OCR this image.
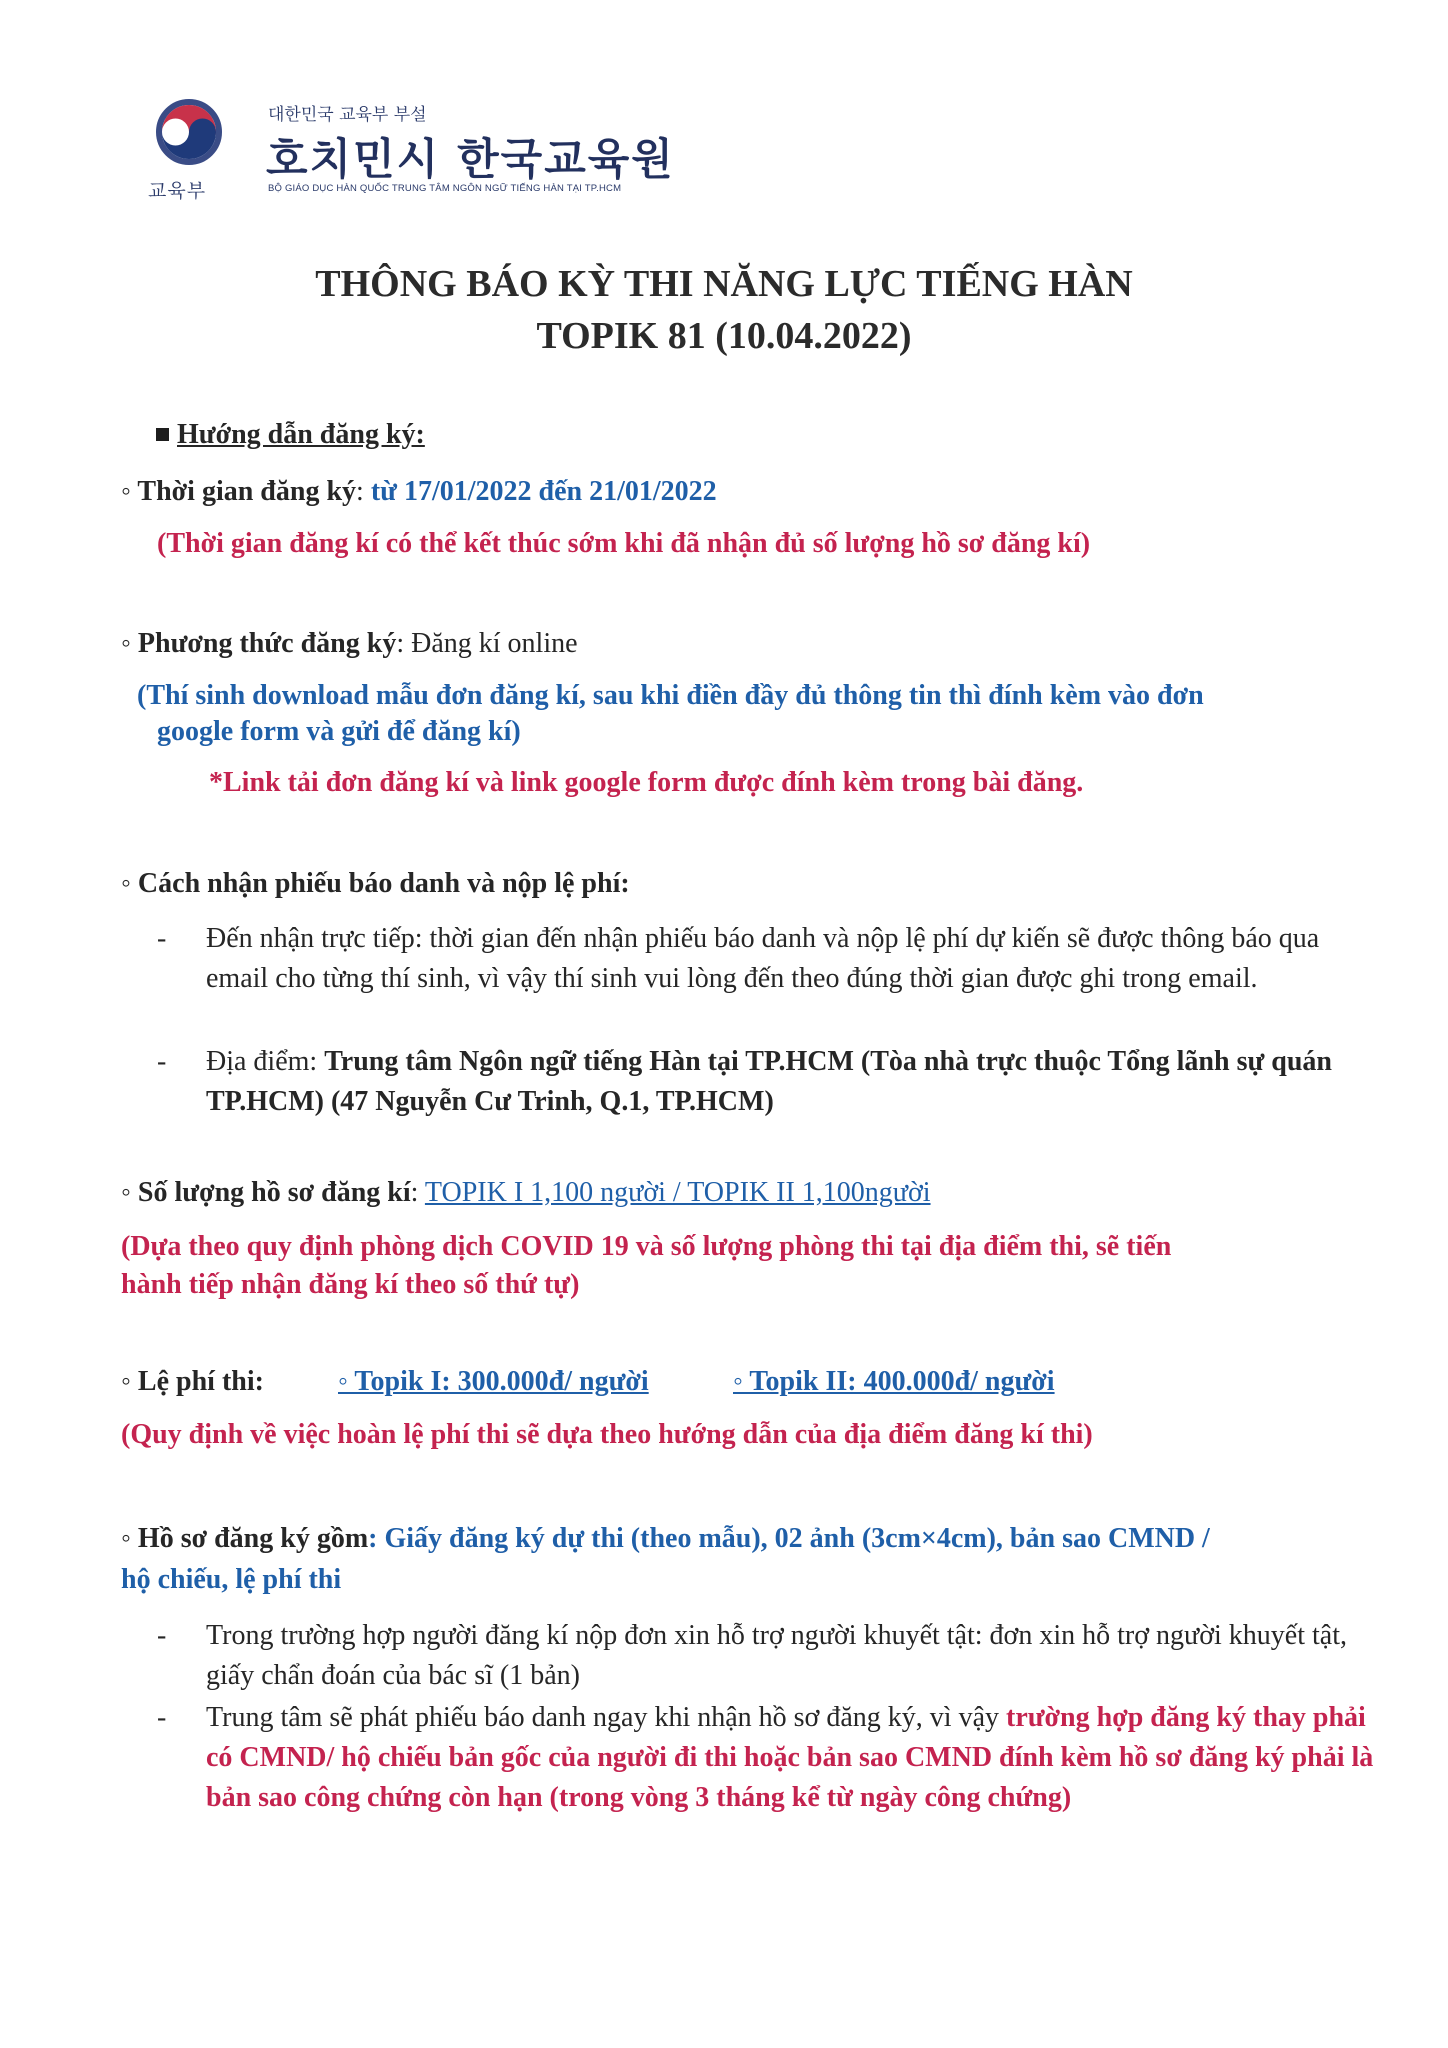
교육부
대한민국 교육부 부설
호치민시 한국교육원
BỘ GIÁO DỤC HÀN QUỐC TRUNG TÂM NGÔN NGỮ TIẾNG HÀN TẠI TP.HCM
THÔNG BÁO KỲ THI NĂNG LỰC TIẾNG HÀN
TOPIK 81 (10.04.2022)
Hướng dẫn đăng ký:
◦ Thời gian đăng ký: từ 17/01/2022 đến 21/01/2022
(Thời gian đăng kí có thể kết thúc sớm khi đã nhận đủ số lượng hồ sơ đăng kí)
◦ Phương thức đăng ký: Đăng kí online
(Thí sinh download mẫu đơn đăng kí, sau khi điền đầy đủ thông tin thì đính kèm vào đơn
google form và gửi để đăng kí)
*Link tải đơn đăng kí và link google form được đính kèm trong bài đăng.
◦ Cách nhận phiếu báo danh và nộp lệ phí:
- Đến nhận trực tiếp: thời gian đến nhận phiếu báo danh và nộp lệ phí dự kiến sẽ được thông báo qua email cho từng thí sinh, vì vậy thí sinh vui lòng đến theo đúng thời gian được ghi trong email.
- Địa điểm: Trung tâm Ngôn ngữ tiếng Hàn tại TP.HCM (Tòa nhà trực thuộc Tổng lãnh sự quán TP.HCM) (47 Nguyễn Cư Trinh, Q.1, TP.HCM)
◦ Số lượng hồ sơ đăng kí: TOPIK I 1,100 người / TOPIK II 1,100người
(Dựa theo quy định phòng dịch COVID 19 và số lượng phòng thi tại địa điểm thi, sẽ tiến
hành tiếp nhận đăng kí theo số thứ tự)
◦ Lệ phí thi:	◦ Topik I: 300.000đ/ người	◦ Topik II: 400.000đ/ người
(Quy định về việc hoàn lệ phí thi sẽ dựa theo hướng dẫn của địa điểm đăng kí thi)
◦ Hồ sơ đăng ký gồm: Giấy đăng ký dự thi (theo mẫu), 02 ảnh (3cm×4cm), bản sao CMND /
hộ chiếu, lệ phí thi
- Trong trường hợp người đăng kí nộp đơn xin hỗ trợ người khuyết tật: đơn xin hỗ trợ người khuyết tật, giấy chẩn đoán của bác sĩ (1 bản)
- Trung tâm sẽ phát phiếu báo danh ngay khi nhận hồ sơ đăng ký, vì vậy trường hợp đăng ký thay phải có CMND/ hộ chiếu bản gốc của người đi thi hoặc bản sao CMND đính kèm hồ sơ đăng ký phải là bản sao công chứng còn hạn (trong vòng 3 tháng kể từ ngày công chứng)
